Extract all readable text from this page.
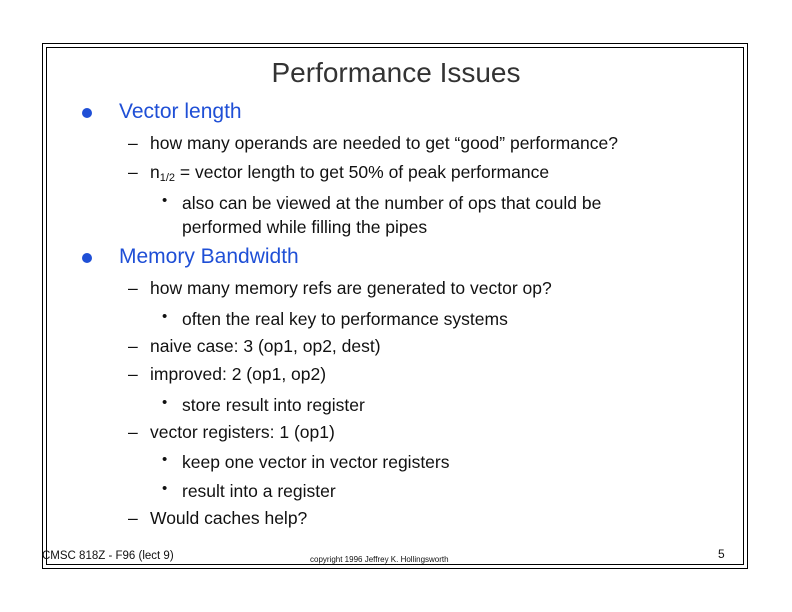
Performance Issues
Vector length
– how many operands are needed to get “good” performance?
– $n_{1/2}$ = vector length to get 50% of peak performance
• also can be viewed at the number of ops that could be
performed while filling the pipes
Memory Bandwidth
– how many memory refs are generated to vector op?
• often the real key to performance systems
– naive case: 3 (op1, op2, dest)
– improved: 2 (op1, op2)
• store result into register
– vector registers: 1 (op1)
• keep one vector in vector registers
• result into a register
– Would caches help?
CMSC 818Z - F96 (lect 9)	copyright 1996 Jeffrey K. Hollingsworth	5
